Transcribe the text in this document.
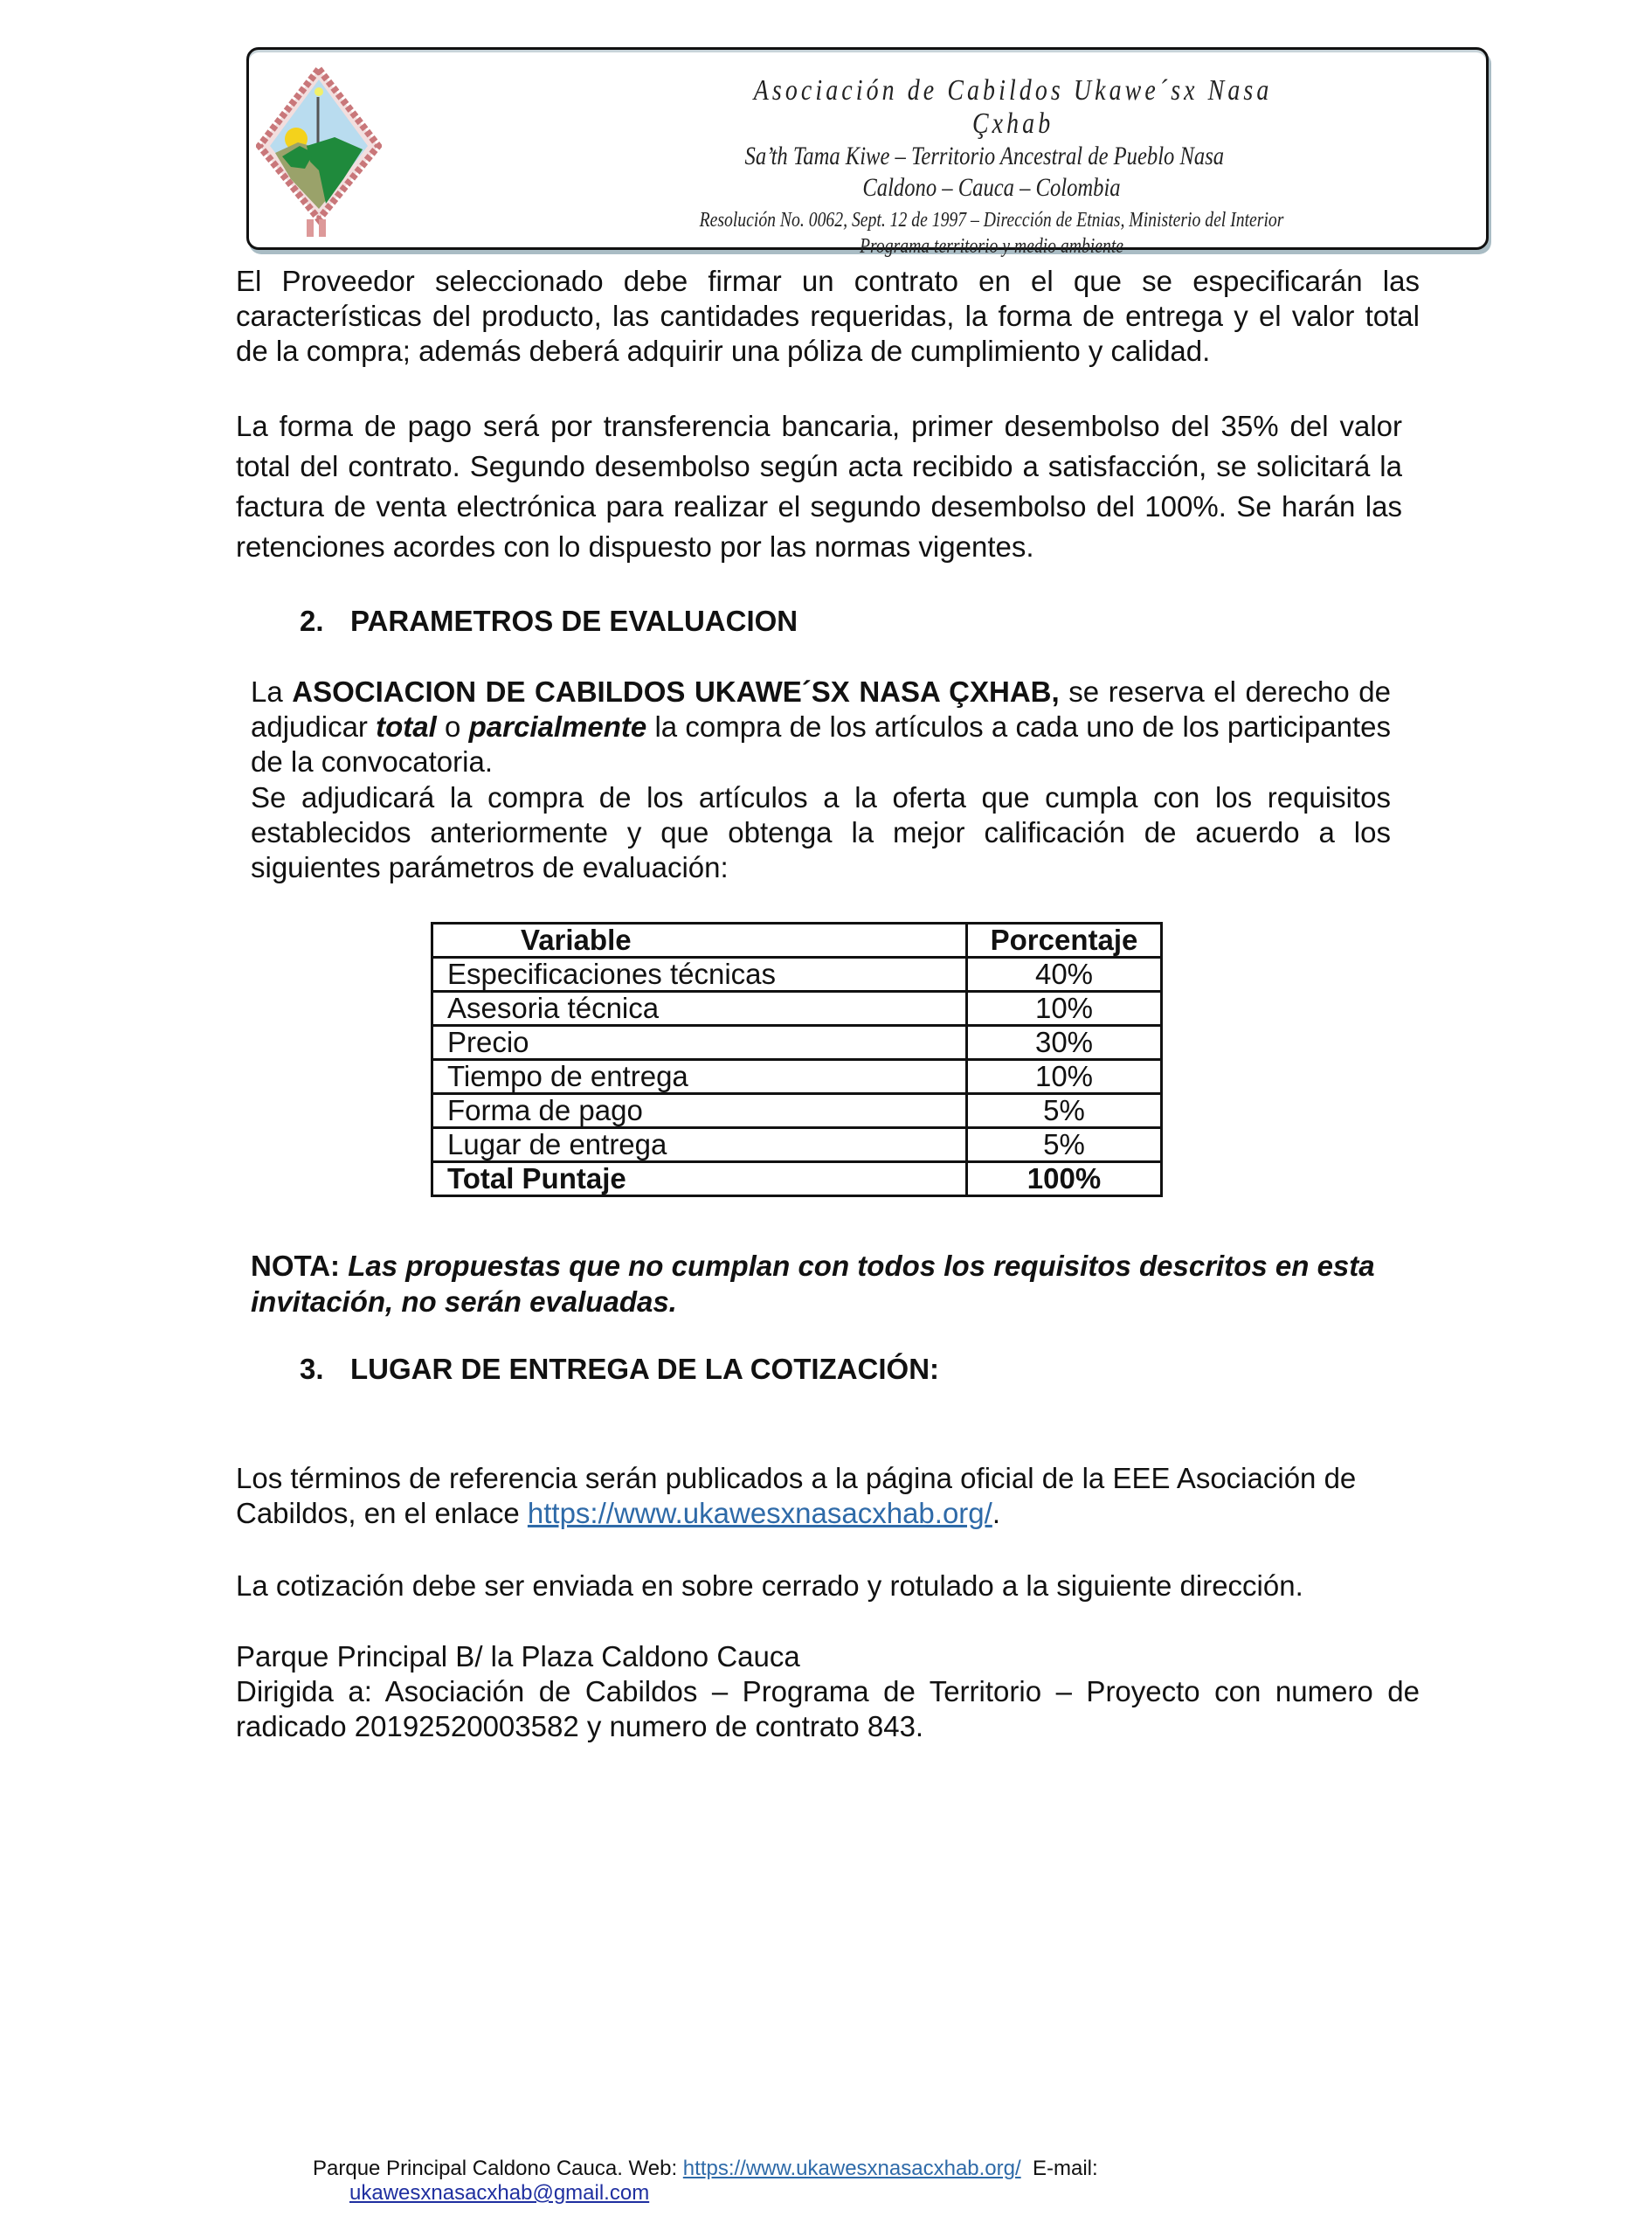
Asociación de Cabildos Ukawe´sx Nasa Çxhab
Sa’th Tama Kiwe – Territorio Ancestral de Pueblo Nasa
Caldono – Cauca – Colombia
Resolución No. 0062, Sept. 12 de 1997 – Dirección de Etnias, Ministerio del Interior
Programa territorio y medio ambiente
El Proveedor seleccionado debe firmar un contrato en el que se especificarán las características del producto, las cantidades requeridas, la forma de entrega y el valor total de la compra; además deberá adquirir una póliza de cumplimiento y calidad.
La forma de pago será por transferencia bancaria, primer desembolso del 35% del valor total del contrato. Segundo desembolso según acta recibido a satisfacción, se solicitará la factura de venta electrónica para realizar el segundo desembolso del 100%. Se harán las retenciones acordes con lo dispuesto por las normas vigentes.
2. PARAMETROS DE EVALUACION
La ASOCIACION DE CABILDOS UKAWE´SX NASA ÇXHAB, se reserva el derecho de adjudicar total o parcialmente la compra de los artículos a cada uno de los participantes de la convocatoria.
Se adjudicará la compra de los artículos a la oferta que cumpla con los requisitos establecidos anteriormente y que obtenga la mejor calificación de acuerdo a los siguientes parámetros de evaluación:
Variable	Porcentaje
Especificaciones técnicas	40%
Asesoria técnica	10%
Precio	30%
Tiempo de entrega	10%
Forma de pago	5%
Lugar de entrega	5%
Total Puntaje	100%
NOTA: Las propuestas que no cumplan con todos los requisitos descritos en esta invitación, no serán evaluadas.
3. LUGAR DE ENTREGA DE LA COTIZACIÓN:
Los términos de referencia serán publicados a la página oficial de la EEE Asociación de Cabildos, en el enlace https://www.ukawesxnasacxhab.org/.
La cotización debe ser enviada en sobre cerrado y rotulado a la siguiente dirección.
Parque Principal B/ la Plaza Caldono Cauca
Dirigida a: Asociación de Cabildos – Programa de Territorio – Proyecto con numero de radicado 20192520003582 y numero de contrato 843.
Parque Principal Caldono Cauca. Web: https://www.ukawesxnasacxhab.org/  E-mail:
ukawesxnasacxhab@gmail.com
